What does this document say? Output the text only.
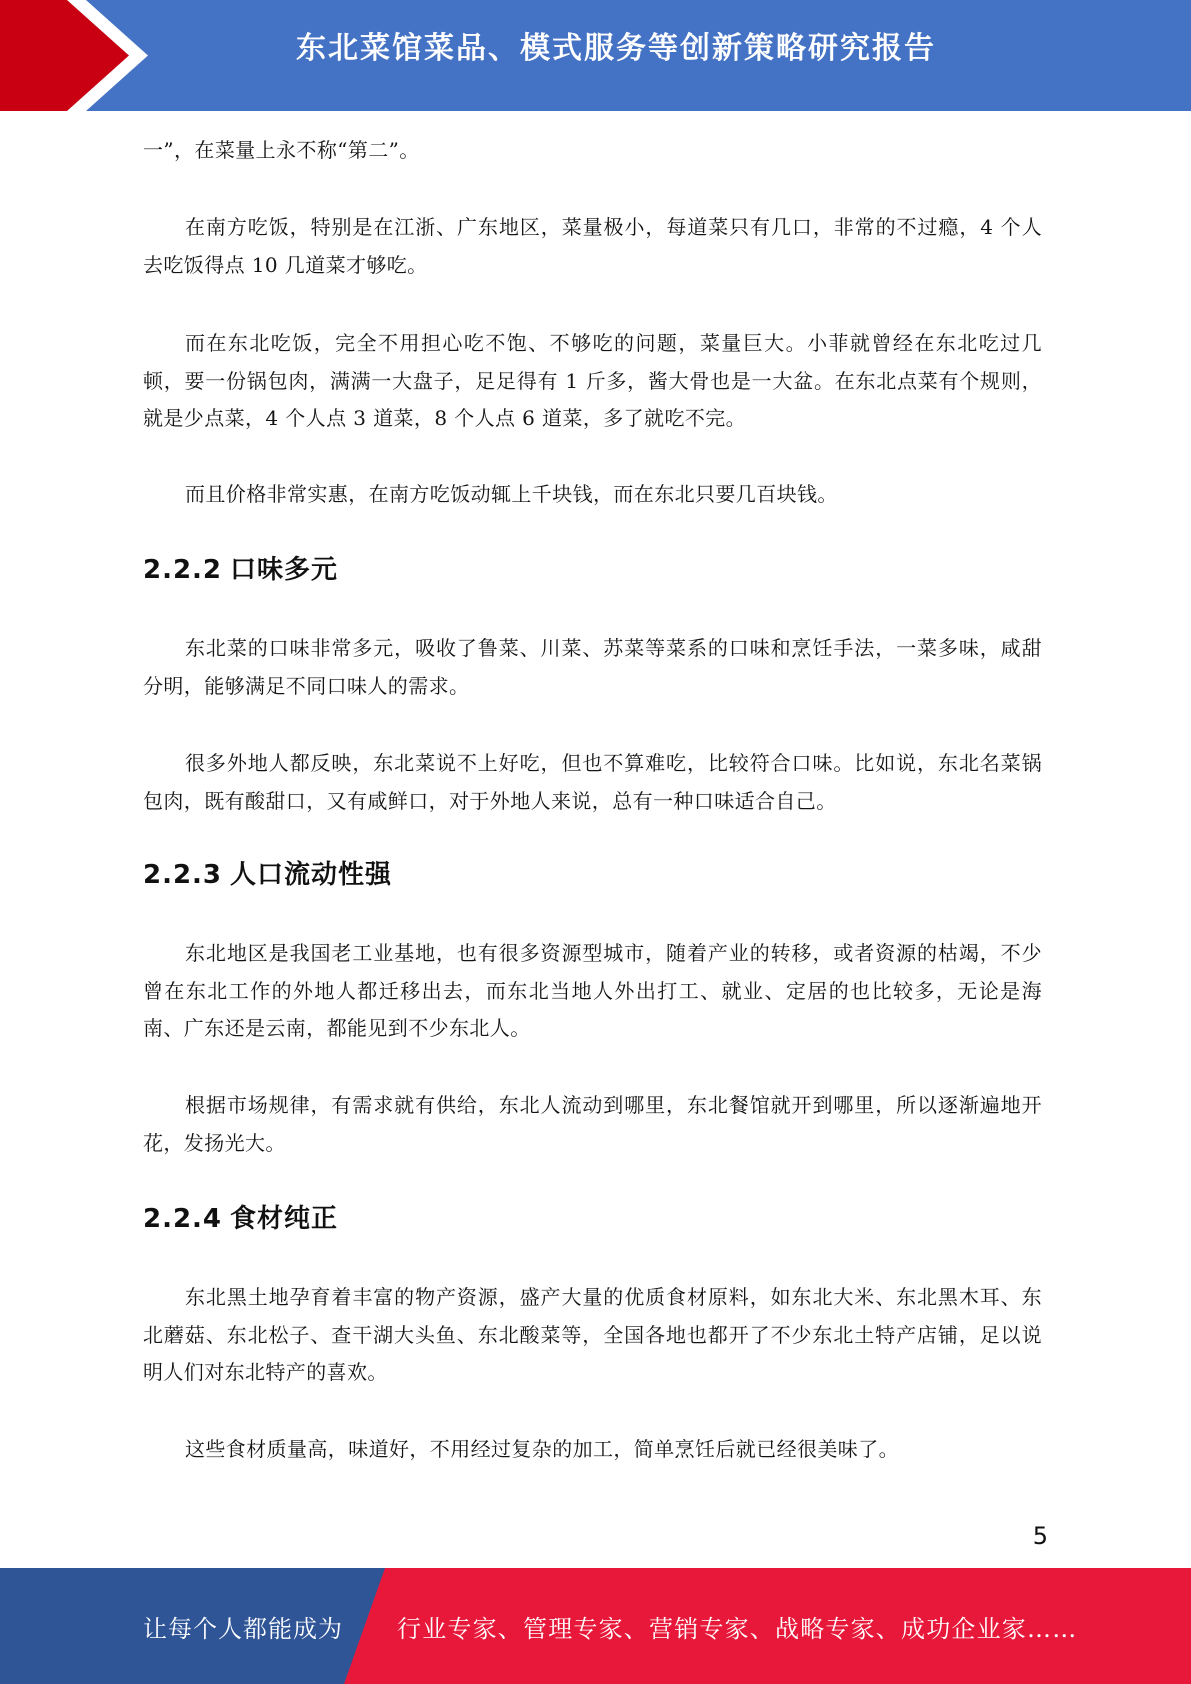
东北菜馆菜品、模式服务等创新策略研究报告
一”，在菜量上永不称“第二”。
在南方吃饭，特别是在江浙、广东地区，菜量极小，每道菜只有几口，非常的不过瘾，4 个人
去吃饭得点 10 几道菜才够吃。
而在东北吃饭，完全不用担心吃不饱、不够吃的问题，菜量巨大。小菲就曾经在东北吃过几
顿，要一份锅包肉，满满一大盘子，足足得有 1 斤多，酱大骨也是一大盆。在东北点菜有个规则，
就是少点菜，4 个人点 3 道菜，8 个人点 6 道菜，多了就吃不完。
而且价格非常实惠，在南方吃饭动辄上千块钱，而在东北只要几百块钱。
2.2.2 口味多元
东北菜的口味非常多元，吸收了鲁菜、川菜、苏菜等菜系的口味和烹饪手法，一菜多味，咸甜
分明，能够满足不同口味人的需求。
很多外地人都反映，东北菜说不上好吃，但也不算难吃，比较符合口味。比如说，东北名菜锅
包肉，既有酸甜口，又有咸鲜口，对于外地人来说，总有一种口味适合自己。
2.2.3 人口流动性强
东北地区是我国老工业基地，也有很多资源型城市，随着产业的转移，或者资源的枯竭，不少
曾在东北工作的外地人都迁移出去，而东北当地人外出打工、就业、定居的也比较多，无论是海
南、广东还是云南，都能见到不少东北人。
根据市场规律，有需求就有供给，东北人流动到哪里，东北餐馆就开到哪里，所以逐渐遍地开
花，发扬光大。
2.2.4 食材纯正
东北黑土地孕育着丰富的物产资源，盛产大量的优质食材原料，如东北大米、东北黑木耳、东
北蘑菇、东北松子、查干湖大头鱼、东北酸菜等，全国各地也都开了不少东北土特产店铺，足以说
明人们对东北特产的喜欢。
这些食材质量高，味道好，不用经过复杂的加工，简单烹饪后就已经很美味了。
5
让每个人都能成为 行业专家、管理专家、营销专家、战略专家、成功企业家……
